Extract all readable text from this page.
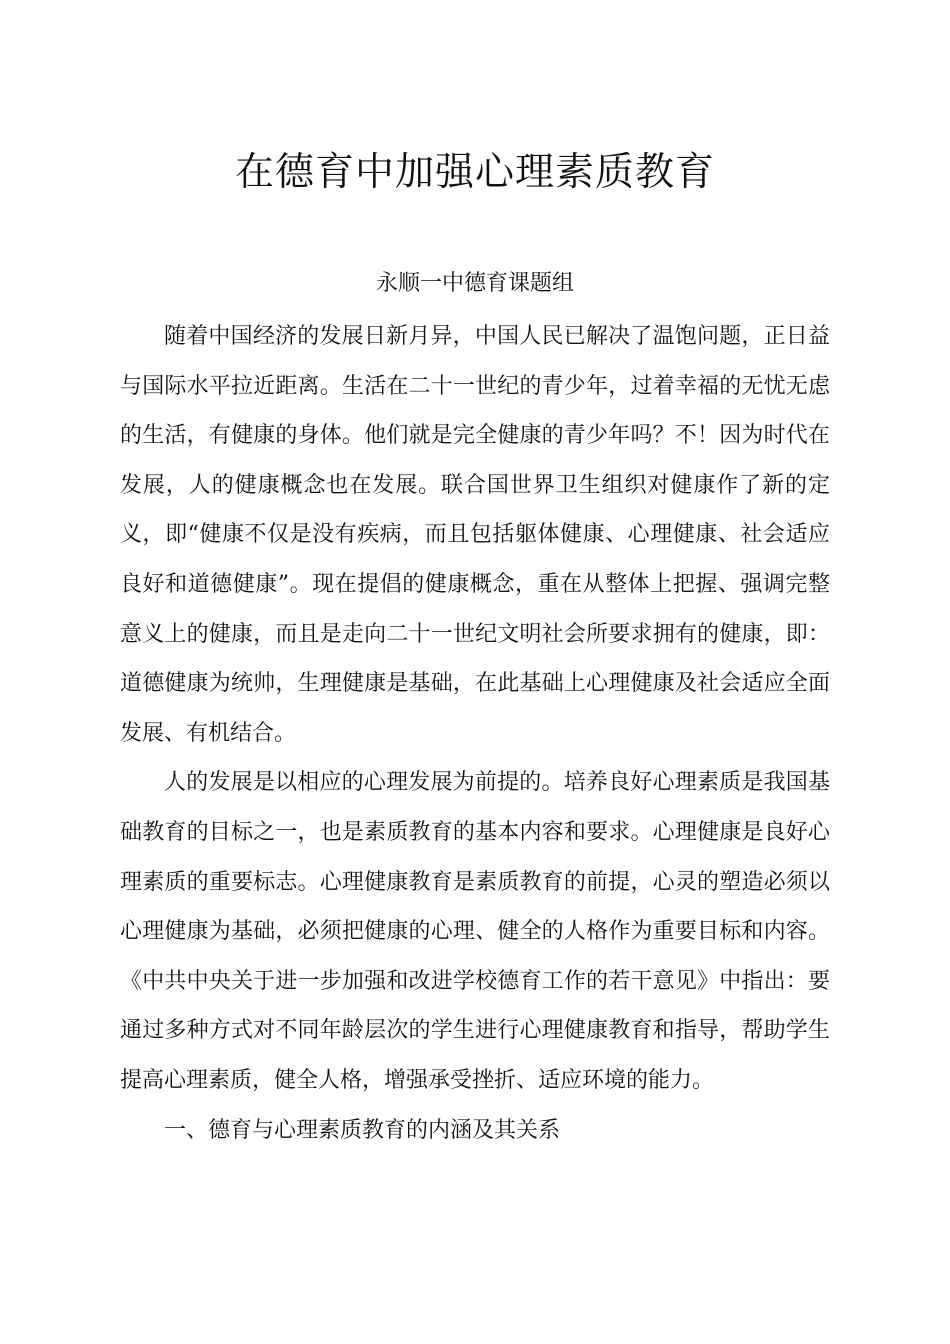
在德育中加强心理素质教育
永顺一中德育课题组

随着中国经济的发展日新月异，中国人民已解决了温饱问题，正日益与国际水平拉近距离。生活在二十一世纪的青少年，过着幸福的无忧无虑的生活，有健康的身体。他们就是完全健康的青少年吗？不！因为时代在发展，人的健康概念也在发展。联合国世界卫生组织对健康作了新的定义，即“健康不仅是没有疾病，而且包括躯体健康、心理健康、社会适应良好和道德健康”。现在提倡的健康概念，重在从整体上把握、强调完整意义上的健康，而且是走向二十一世纪文明社会所要求拥有的健康，即：道德健康为统帅，生理健康是基础，在此基础上心理健康及社会适应全面发展、有机结合。

人的发展是以相应的心理发展为前提的。培养良好心理素质是我国基础教育的目标之一，也是素质教育的基本内容和要求。心理健康是良好心理素质的重要标志。心理健康教育是素质教育的前提，心灵的塑造必须以心理健康为基础，必须把健康的心理、健全的人格作为重要目标和内容。《中共中央关于进一步加强和改进学校德育工作的若干意见》中指出：要通过多种方式对不同年龄层次的学生进行心理健康教育和指导，帮助学生提高心理素质，健全人格，增强承受挫折、适应环境的能力。

一、德育与心理素质教育的内涵及其关系
